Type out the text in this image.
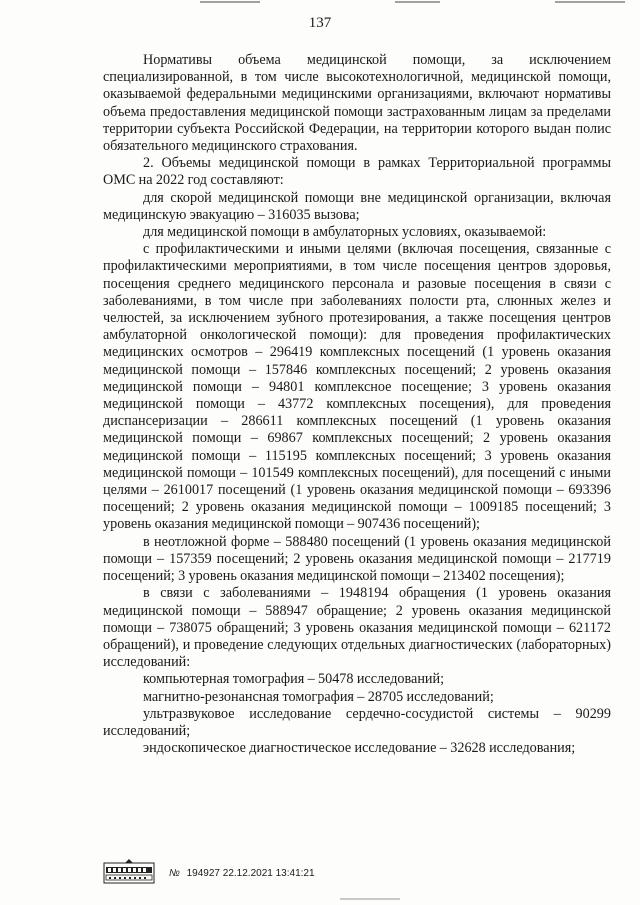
137

Нормативы объема медицинской помощи, за исключением специализированной, в том числе высокотехнологичной, медицинской помощи, оказываемой федеральными медицинскими организациями, включают нормативы объема предоставления медицинской помощи застрахованным лицам за пределами территории субъекта Российской Федерации, на территории которого выдан полис обязательного медицинского страхования.

2. Объемы медицинской помощи в рамках Территориальной программы ОМС на 2022 год составляют:

для скорой медицинской помощи вне медицинской организации, включая медицинскую эвакуацию – 316035 вызова;

для медицинской помощи в амбулаторных условиях, оказываемой:

с профилактическими и иными целями (включая посещения, связанные с профилактическими мероприятиями, в том числе посещения центров здоровья, посещения среднего медицинского персонала и разовые посещения в связи с заболеваниями, в том числе при заболеваниях полости рта, слюнных желез и челюстей, за исключением зубного протезирования, а также посещения центров амбулаторной онкологической помощи): для проведения профилактических медицинских осмотров – 296419 комплексных посещений (1 уровень оказания медицинской помощи – 157846 комплексных посещений; 2 уровень оказания медицинской помощи – 94801 комплексное посещение; 3 уровень оказания медицинской помощи – 43772 комплексных посещения), для проведения диспансеризации – 286611 комплексных посещений (1 уровень оказания медицинской помощи – 69867 комплексных посещений; 2 уровень оказания медицинской помощи – 115195 комплексных посещений; 3 уровень оказания медицинской помощи – 101549 комплексных посещений), для посещений с иными целями – 2610017 посещений (1 уровень оказания медицинской помощи – 693396 посещений; 2 уровень оказания медицинской помощи – 1009185 посещений; 3 уровень оказания медицинской помощи – 907436 посещений);

в неотложной форме – 588480 посещений (1 уровень оказания медицинской помощи – 157359 посещений; 2 уровень оказания медицинской помощи – 217719 посещений; 3 уровень оказания медицинской помощи – 213402 посещения);

в связи с заболеваниями – 1948194 обращения (1 уровень оказания медицинской помощи – 588947 обращение; 2 уровень оказания медицинской помощи – 738075 обращений; 3 уровень оказания медицинской помощи – 621172 обращений), и проведение следующих отдельных диагностических (лабораторных) исследований:

компьютерная томография – 50478 исследований;

магнитно-резонансная томография – 28705 исследований;

ультразвуковое исследование сердечно-сосудистой системы – 90299 исследований;

эндоскопическое диагностическое исследование – 32628 исследования;

№ 194927 22.12.2021 13:41:21
